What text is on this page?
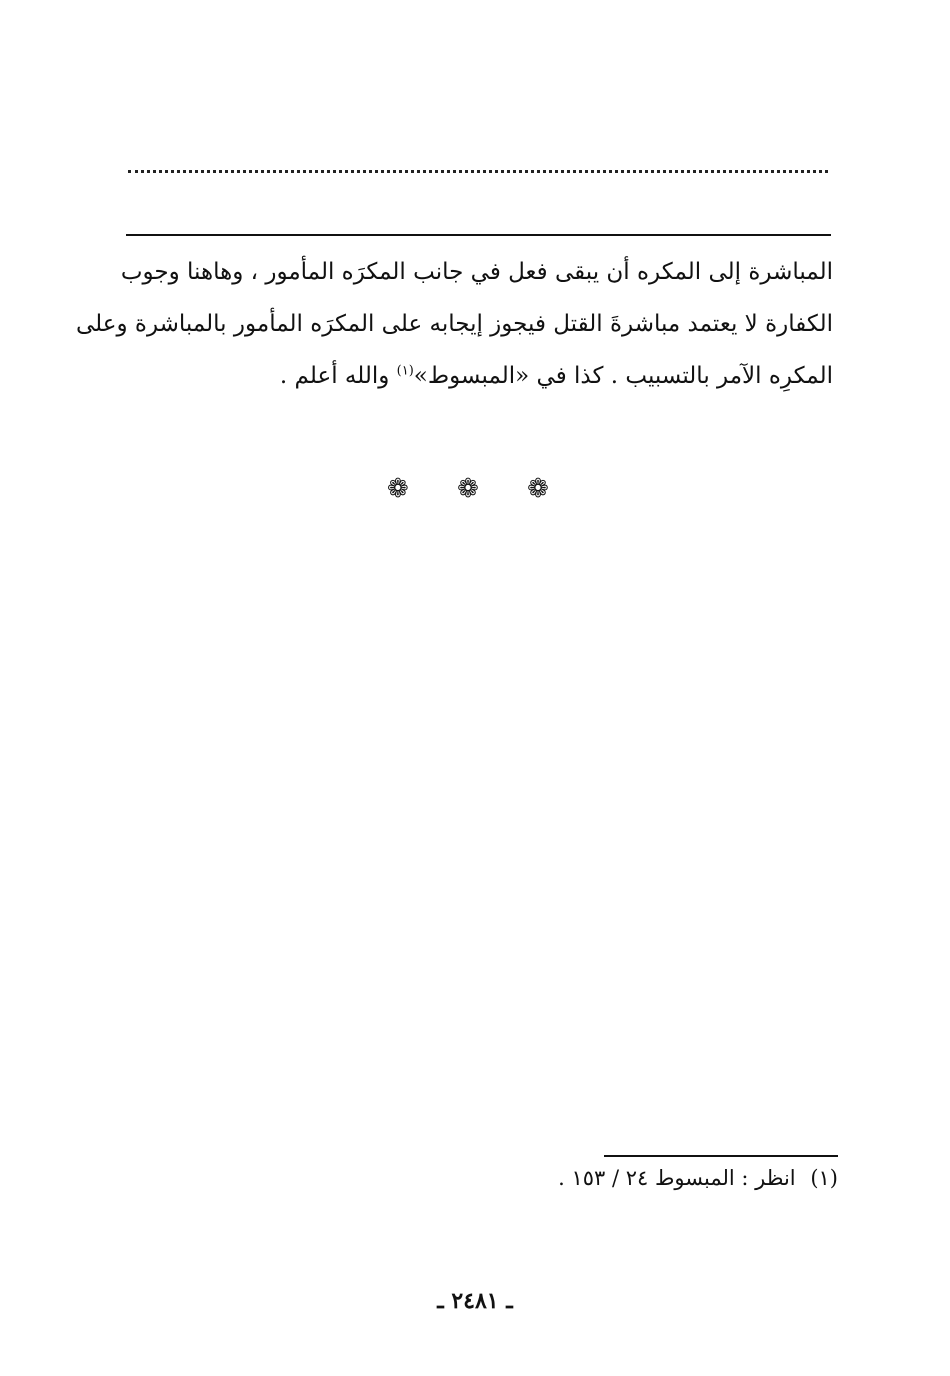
المباشرة إلى المكره أن يبقى فعل في جانب المكرَه المأمور ، وهاهنا وجوب
الكفارة لا يعتمد مباشرةَ القتل فيجوز إيجابه على المكرَه المأمور بالمباشرة وعلى
المكرِه الآمر بالتسبيب . كذا في «المبسوط»$^{(١)}$ والله أعلم .
❁ ❁ ❁
(١) انظر : المبسوط ٢٤ / ١٥٣ .
ـ ٢٤٨١ ـ
